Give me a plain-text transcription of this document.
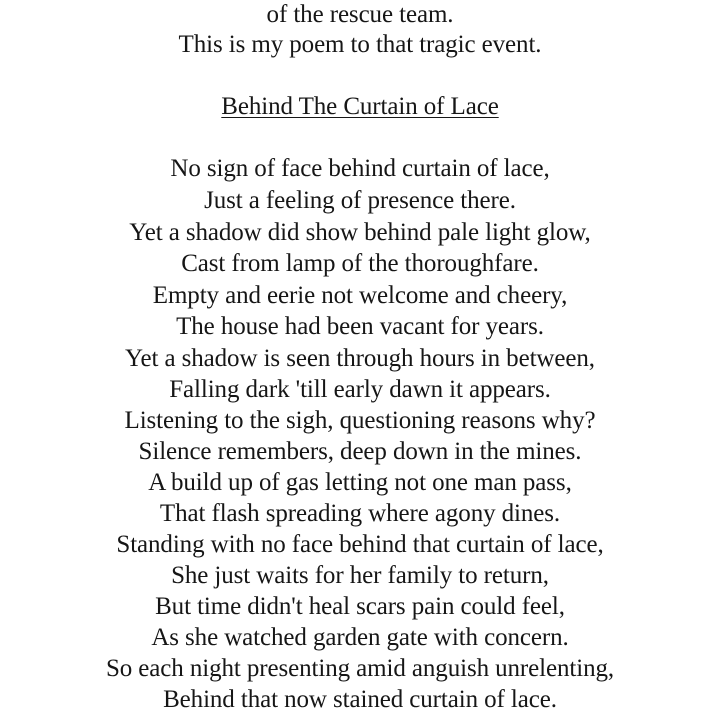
of the rescue team.
This is my poem to that tragic event.
Behind The Curtain of Lace
No sign of face behind curtain of lace,
Just a feeling of presence there.
Yet a shadow did show behind pale light glow,
Cast from lamp of the thoroughfare.
Empty and eerie not welcome and cheery,
The house had been vacant for years.
Yet a shadow is seen through hours in between,
Falling dark 'till early dawn it appears.
Listening to the sigh, questioning reasons why?
Silence remembers, deep down in the mines.
A build up of gas letting not one man pass,
That flash spreading where agony dines.
Standing with no face behind that curtain of lace,
She just waits for her family to return,
But time didn't heal scars pain could feel,
As she watched garden gate with concern.
So each night presenting amid anguish unrelenting,
Behind that now stained curtain of lace.
